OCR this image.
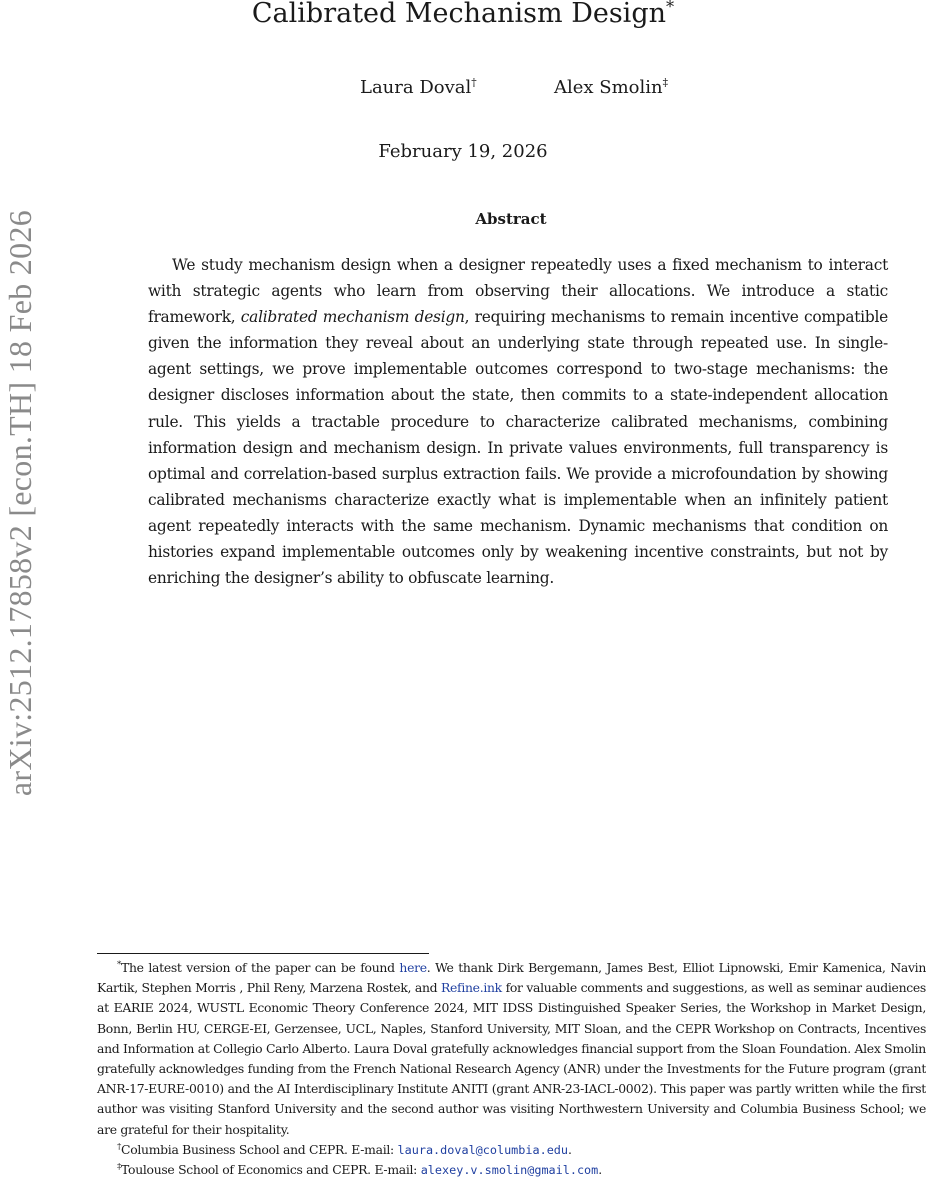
arXiv:2512.17858v2 [econ.TH] 18 Feb 2026
Calibrated Mechanism Design*
Laura Doval†	Alex Smolin‡
February 19, 2026
Abstract

We study mechanism design when a designer repeatedly uses a fixed mechanism to interact with strategic agents who learn from observing their allocations. We introduce a static framework, calibrated mechanism design, requiring mechanisms to remain incentive compatible given the information they reveal about an underlying state through repeated use. In single-agent settings, we prove implementable outcomes correspond to two-stage mechanisms: the designer discloses information about the state, then commits to a state-independent allocation rule. This yields a tractable procedure to characterize calibrated mechanisms, combining information design and mechanism design. In private values environments, full transparency is optimal and correlation-based surplus extraction fails. We provide a microfoundation by showing calibrated mechanisms characterize exactly what is implementable when an infinitely patient agent repeatedly interacts with the same mechanism. Dynamic mechanisms that condition on histories expand implementable outcomes only by weakening incentive constraints, but not by enriching the designer’s ability to obfuscate learning.

*The latest version of the paper can be found here. We thank Dirk Bergemann, James Best, Elliot Lipnowski, Emir Kamenica, Navin Kartik, Stephen Morris , Phil Reny, Marzena Rostek, and Refine.ink for valuable comments and suggestions, as well as seminar audiences at EARIE 2024, WUSTL Economic Theory Conference 2024, MIT IDSS Distinguished Speaker Series, the Workshop in Market Design, Bonn, Berlin HU, CERGE-EI, Gerzensee, UCL, Naples, Stanford University, MIT Sloan, and the CEPR Workshop on Contracts, Incentives and Information at Collegio Carlo Alberto. Laura Doval gratefully acknowledges financial support from the Sloan Foundation. Alex Smolin gratefully acknowledges funding from the French National Research Agency (ANR) under the Investments for the Future program (grant ANR-17-EURE-0010) and the AI Interdisciplinary Institute ANITI (grant ANR-23-IACL-0002). This paper was partly written while the first author was visiting Stanford University and the second author was visiting Northwestern University and Columbia Business School; we are grateful for their hospitality.

†Columbia Business School and CEPR. E-mail: laura.doval@columbia.edu.

‡Toulouse School of Economics and CEPR. E-mail: alexey.v.smolin@gmail.com.
